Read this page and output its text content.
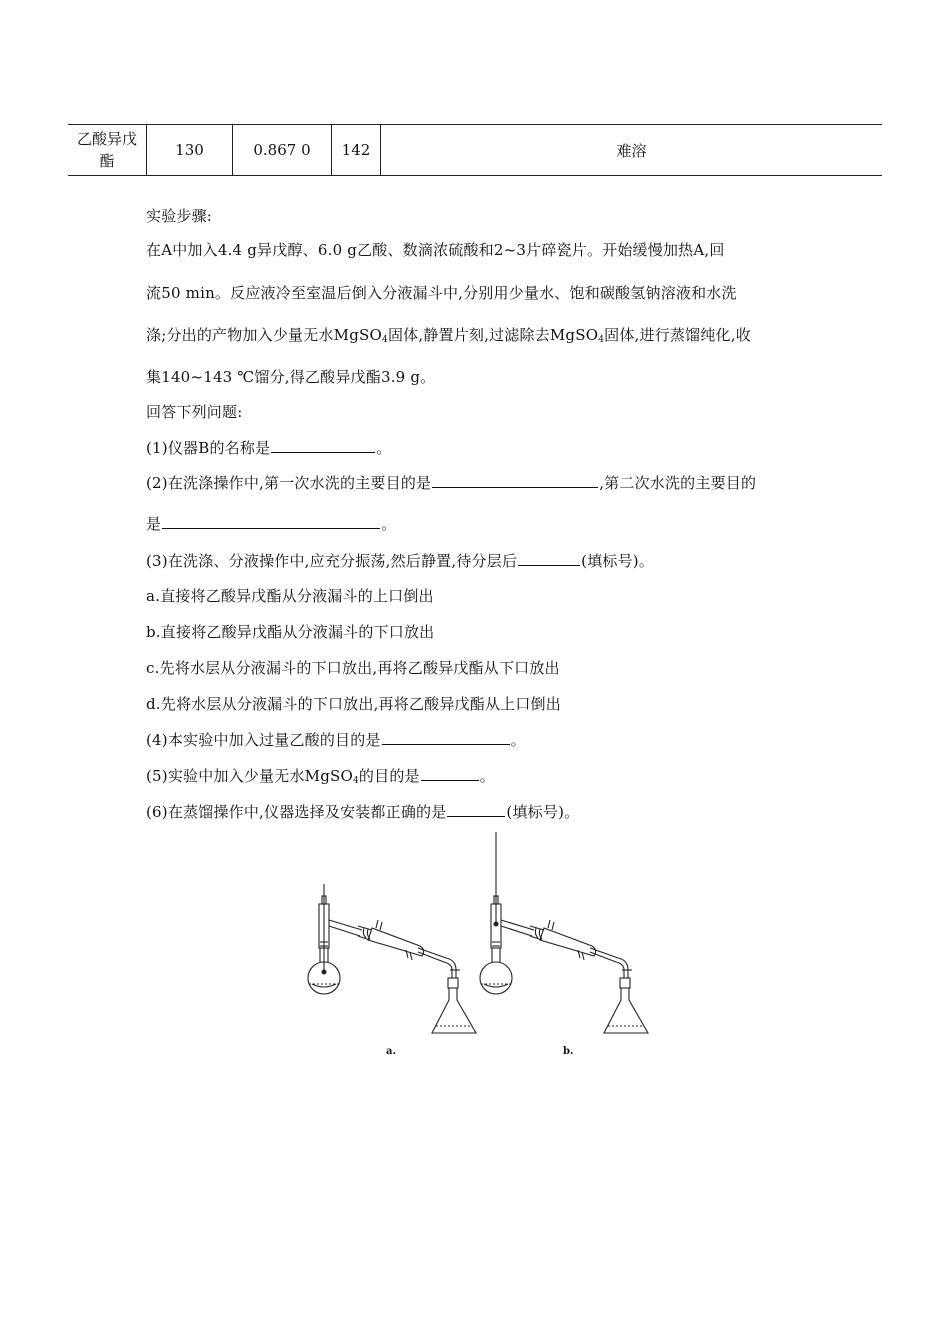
乙酸异戊
酯	130	0.867 0	142	难溶
实验步骤:
在A中加入4.4 g异戊醇、6.0 g乙酸、数滴浓硫酸和2~3片碎瓷片。开始缓慢加热A,回
流50 min。反应液冷至室温后倒入分液漏斗中,分别用少量水、饱和碳酸氢钠溶液和水洗
涤;分出的产物加入少量无水MgSO$_4$固体,静置片刻,过滤除去MgSO$_4$固体,进行蒸馏纯化,收
集140~143 ℃馏分,得乙酸异戊酯3.9 g。
回答下列问题:
(1)仪器B的名称是	。
(2)在洗涤操作中,第一次水洗的主要目的是	,第二次水洗的主要目的
是	。
(3)在洗涤、分液操作中,应充分振荡,然后静置,待分层后	(填标号)。
a.直接将乙酸异戊酯从分液漏斗的上口倒出
b.直接将乙酸异戊酯从分液漏斗的下口放出
c.先将水层从分液漏斗的下口放出,再将乙酸异戊酯从下口放出
d.先将水层从分液漏斗的下口放出,再将乙酸异戊酯从上口倒出
(4)本实验中加入过量乙酸的目的是	。
(5)实验中加入少量无水MgSO$_4$的目的是	。
(6)在蒸馏操作中,仪器选择及安装都正确的是	(填标号)。
a.	b.
